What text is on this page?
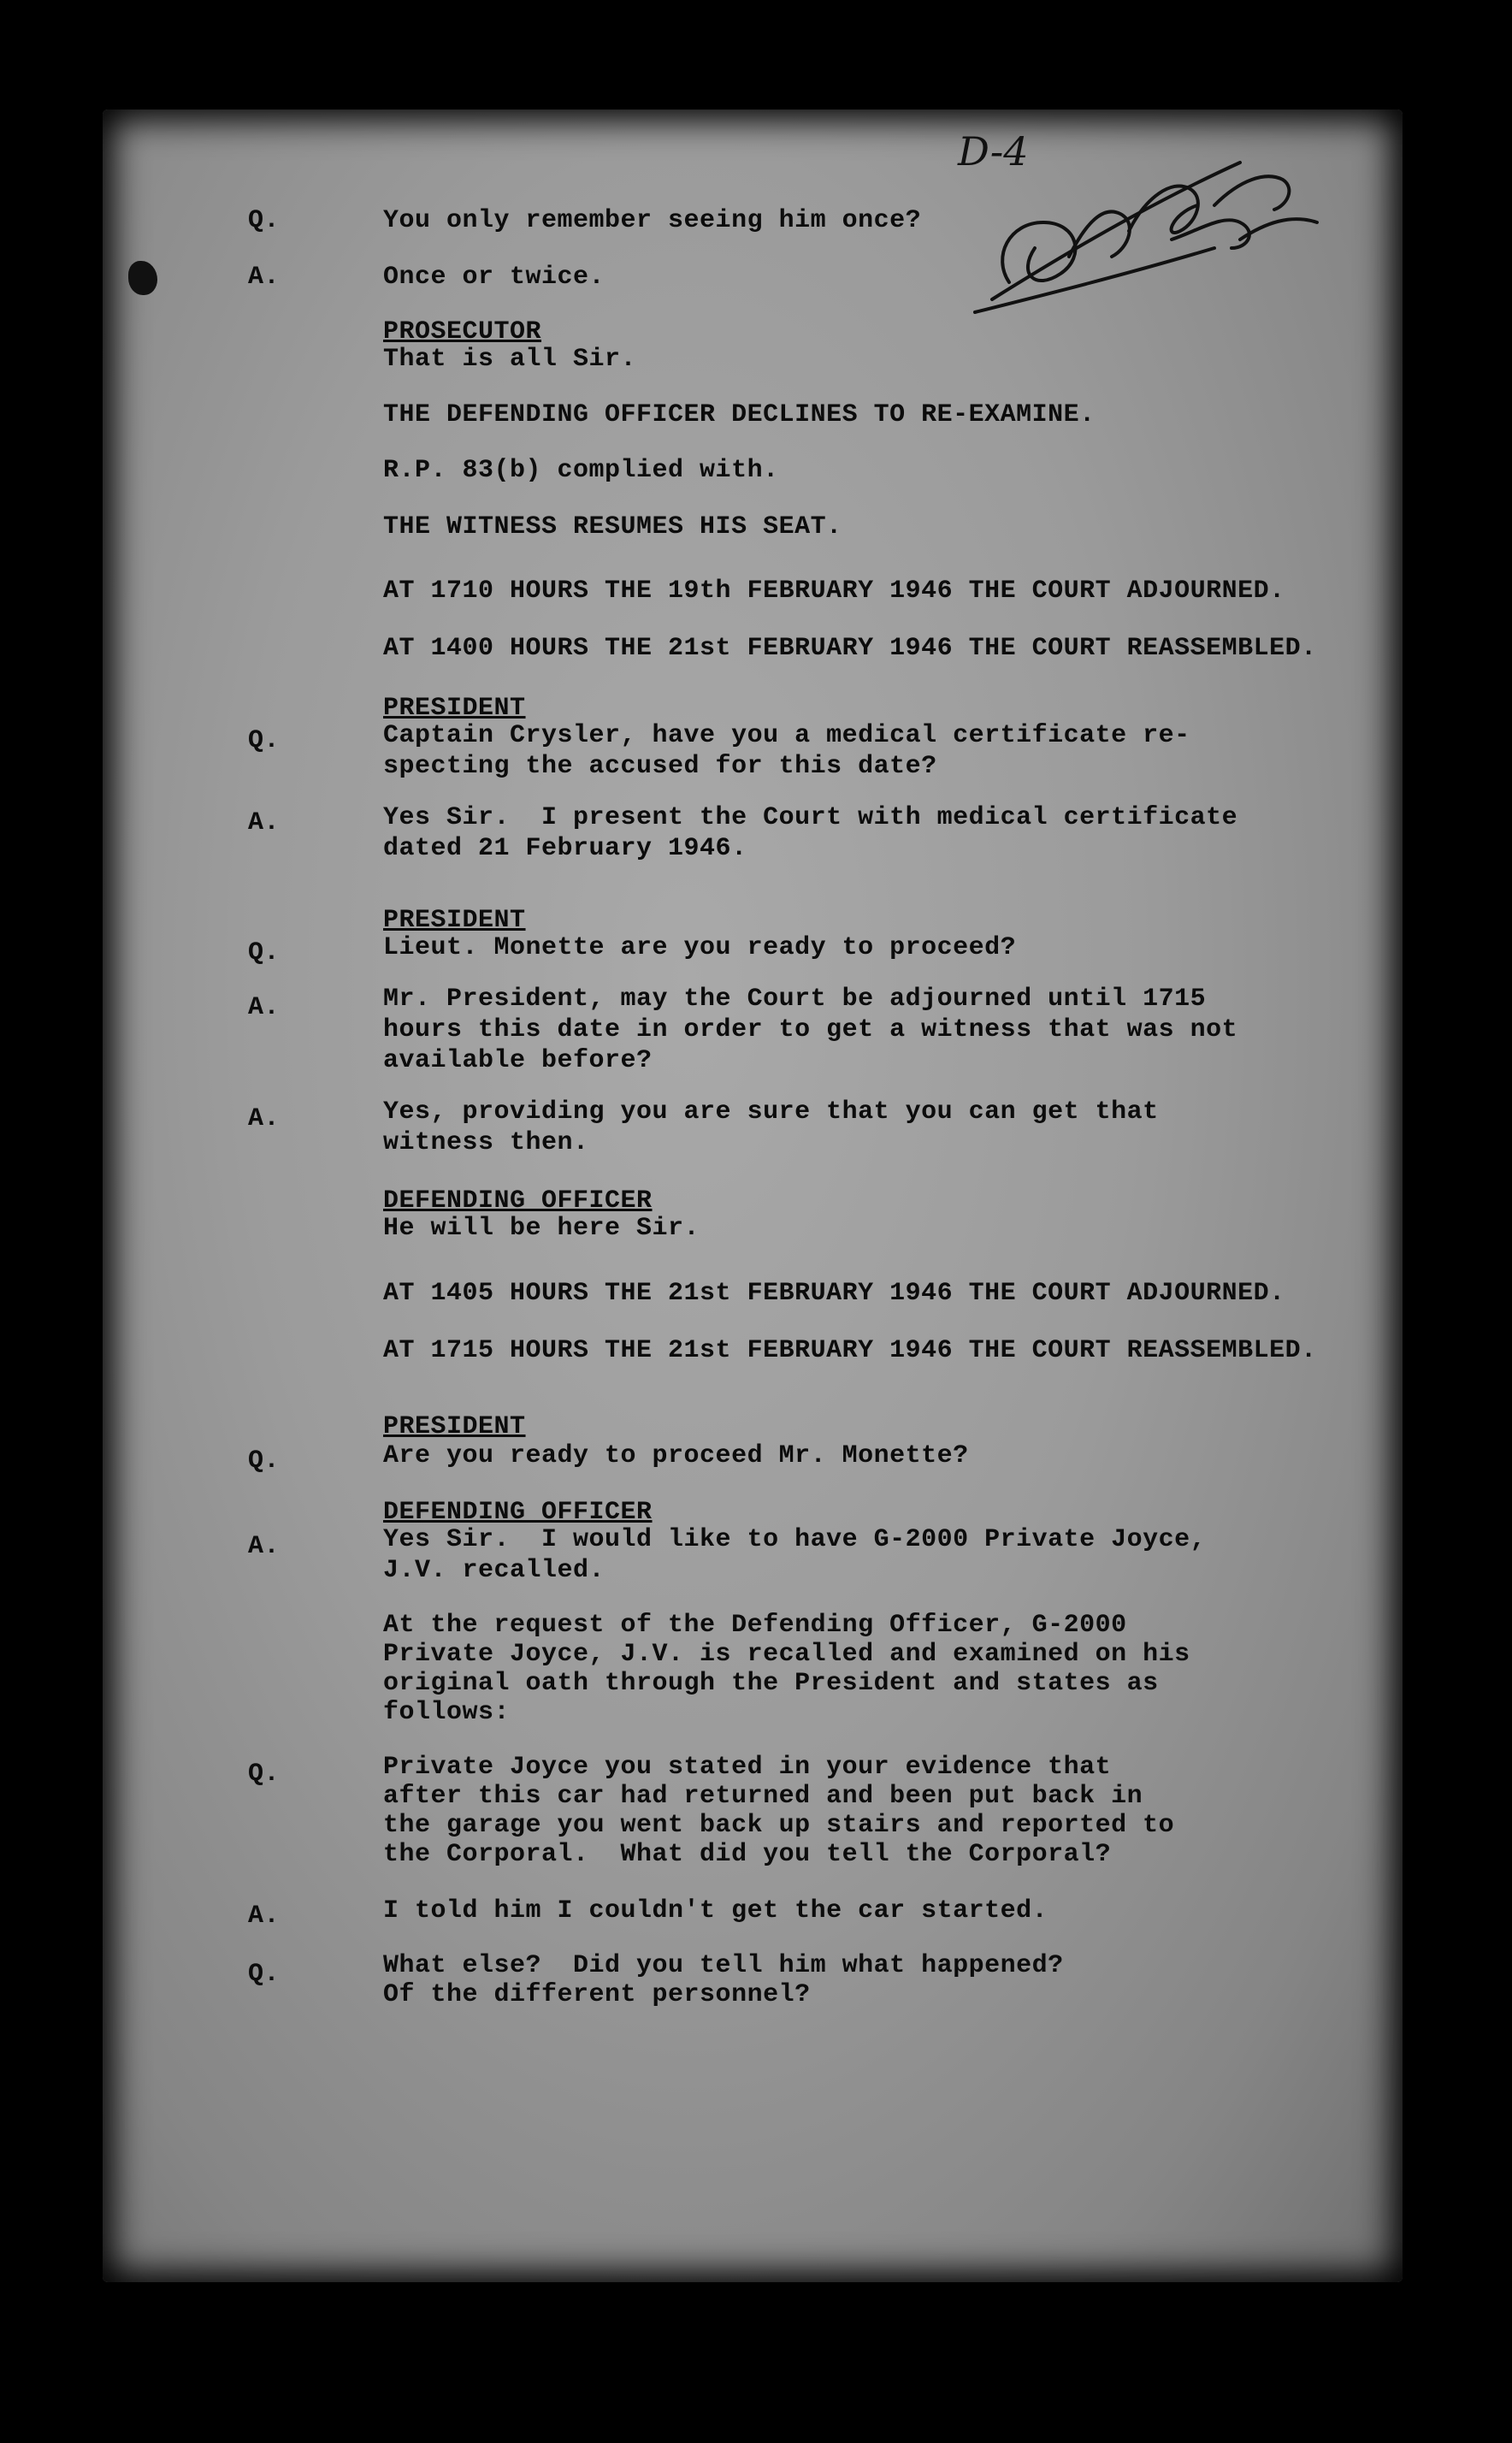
D-4
Q.	You only remember seeing him once?
A.	Once or twice.
PROSECUTOR
That is all Sir.
THE DEFENDING OFFICER DECLINES TO RE-EXAMINE.
R.P. 83(b) complied with.
THE WITNESS RESUMES HIS SEAT.
AT 1710 HOURS THE 19th FEBRUARY 1946 THE COURT ADJOURNED.
AT 1400 HOURS THE 21st FEBRUARY 1946 THE COURT REASSEMBLED.
PRESIDENT
Q.	Captain Crysler, have you a medical certificate re-
specting the accused for this date?
A.	Yes Sir.  I present the Court with medical certificate
dated 21 February 1946.
PRESIDENT
Q.	Lieut. Monette are you ready to proceed?
A.	Mr. President, may the Court be adjourned until 1715
hours this date in order to get a witness that was not
available before?
A.	Yes, providing you are sure that you can get that
witness then.
DEFENDING OFFICER
He will be here Sir.
AT 1405 HOURS THE 21st FEBRUARY 1946 THE COURT ADJOURNED.
AT 1715 HOURS THE 21st FEBRUARY 1946 THE COURT REASSEMBLED.
PRESIDENT
Q.	Are you ready to proceed Mr. Monette?
DEFENDING OFFICER
A.	Yes Sir.  I would like to have G-2000 Private Joyce,
J.V. recalled.
At the request of the Defending Officer, G-2000
Private Joyce, J.V. is recalled and examined on his
original oath through the President and states as
follows:
Q.	Private Joyce you stated in your evidence that
after this car had returned and been put back in
the garage you went back up stairs and reported to
the Corporal.  What did you tell the Corporal?
A.	I told him I couldn't get the car started.
Q.	What else?  Did you tell him what happened?
Of the different personnel?
